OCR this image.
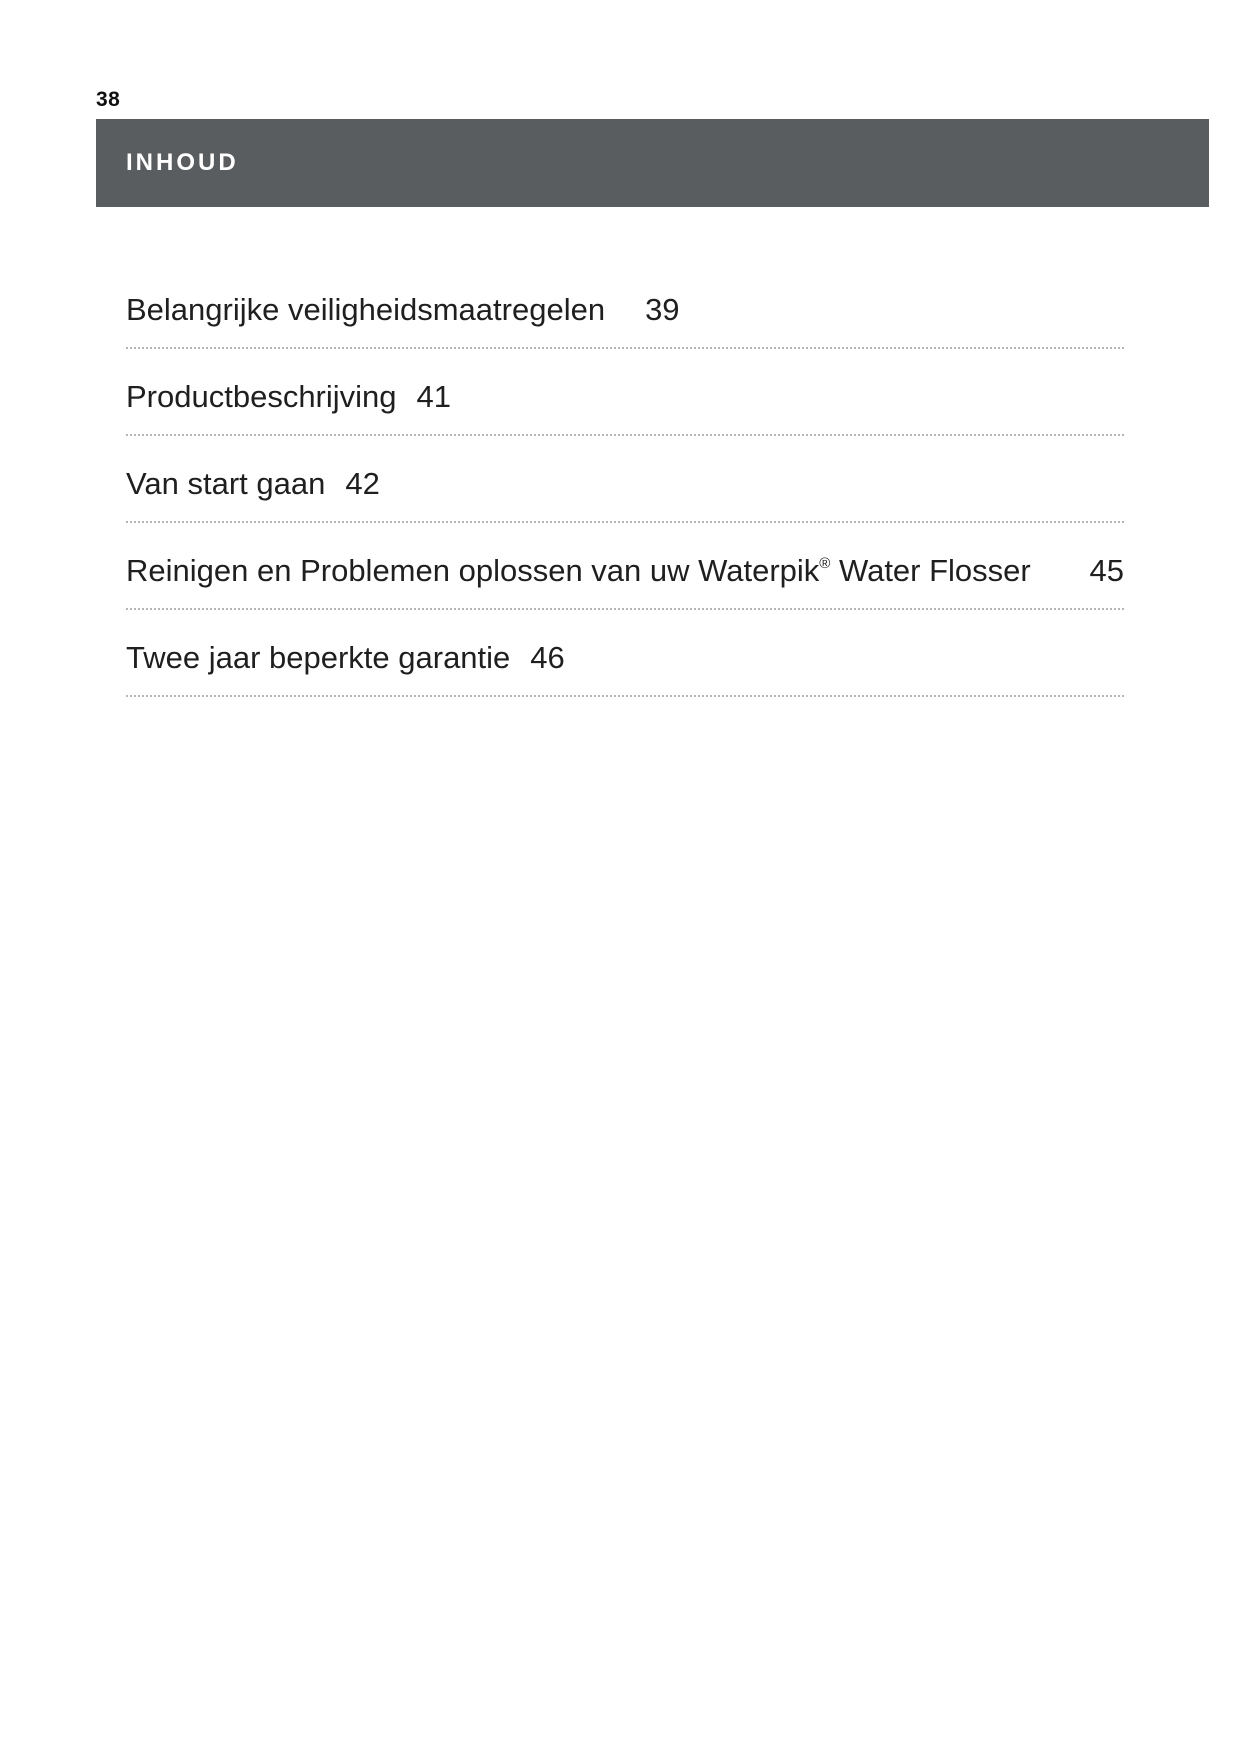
38
INHOUD
Belangrijke veiligheidsmaatregelen 39
Productbeschrijving 41
Van start gaan 42
Reinigen en Problemen oplossen van uw Waterpik® Water Flosser 45
Twee jaar beperkte garantie 46
